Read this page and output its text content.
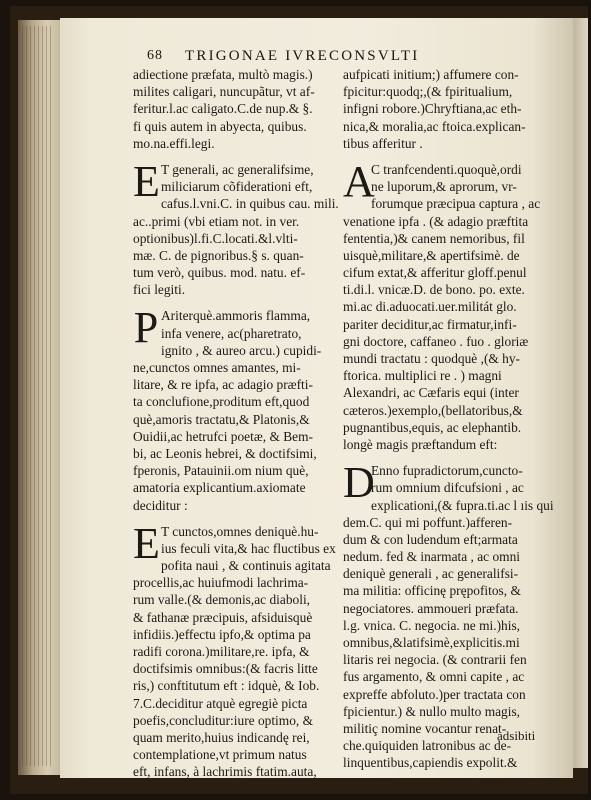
68 TRIGONAE IVRECONSVLTI
adiectione præfata, multò magis.)
milites caligari, nuncupãtur, vt af-
feritur.l.ac caligato.C.de nup.& §.
fi quis autem in abyecta, quibus.
mo.na.effi.legi.
E T generali, ac generalifsime,
miliciarum cõfiderationi eft,
cafus.l.vni.C. in quibus cau. mili.
ac..primi (vbi etiam not. in ver.
optionibus)l.fi.C.locati.&l.vlti-
mæ. C. de pignoribus.§ s. quan-
tum verò, quibus. mod. natu. ef-
fici legiti.
P Ariterquè.ammoris flamma,
infa venere, ac(pharetrato,
ignito , & aureo arcu.) cupidi-
ne,cunctos omnes amantes, mi-
litare, & re ipfa, ac adagio præfti-
ta conclufione,proditum eft,quod
què,amoris tractatu,& Platonis,&
Ouidii,ac hetrufci poetæ, & Bem-
bi, ac Leonis hebrei, & doctifsimi,
fperonis, Patauinii.om nium què,
amatoria explicantium.axiomate
deciditur :
E T cunctos,omnes deniquè.hu-
ius feculi vita,& hac fluctibus ex
pofita naui , & continuis agitata
procellis,ac huiufmodi lachrima-
rum valle.(& demonis,ac diaboli,
& fathanæ præcipuis, afsiduisquè
infidiis.)effectu ipfo,& optima pa
radifi corona.)militare,re. ipfa, &
doctifsimis omnibus:(& facris litte
ris,) conftitutum eft : idquè, & Iob.
7.C.deciditur atquè egregiè picta
poefis,concluditur:iure optimo, &
quam merito,huius indicandę rei,
contemplatione,vt primum natus
eft, infans, à lachrimis ftatim.auta,
aufpicati initium;) affumere con-
fpicitur:quodq;,(& fpiritualium,
infigni robore.)Chryftiana,ac eth-
nica,& moralia,ac ftoica.explican-
tibus afferitur .
A
C tranfcendenti.quoquè,ordi
ne luporum,& aprorum, vr-
forumque præcipua captura , ac
venatione ipfa . (& adagio præftita
fententia,)& canem nemoribus, fil
uisquè,militare,& apertifsimè. de
cifum extat,& afferitur gloff.penul
ti.di.l. vnicæ.D. de bono. po. exte.
mi.ac di.aduocati.uer.militát glo.
pariter deciditur,ac firmatur,infi-
gni doctore, caffaneo . fuo . gloriæ
mundi tractatu : quodquè ,(& hy-
ftorica. multiplici re . ) magni
Alexandri, ac Cæfaris equi (inter
cæteros.)exemplo,(bellatoribus,&
pugnantibus,equis, ac elephantib.
longè magis præftandum eft:
D
Enno fupradictorum,cuncto-
rum omnium difcufsioni , ac
explicationi,(& fupra.ti.ac l ıis qui
dem.C. qui mi poffunt.)afferen-
dum & con ludendum eft;armata
nedum. fed & inarmata , ac omni
deniquè generali , ac generalifsi-
ma militia: officinę prępofitos, &
negociatores. ammoueri præfata.
l.g. vnica. C. negocia. ne mi.)his,
omnibus,&latifsimè,explicitis.mi
litaris rei negocia. (& contrarii fen
fus argamento, & omni capite , ac
expreffe abfoluto.)per tractata con
fpicientur.) & nullo multo magis,
militiç nomine vocantur renat-
che.quiquiden latronibus ac de-
linquentibus,capiendis expolit.&
adsibiti
